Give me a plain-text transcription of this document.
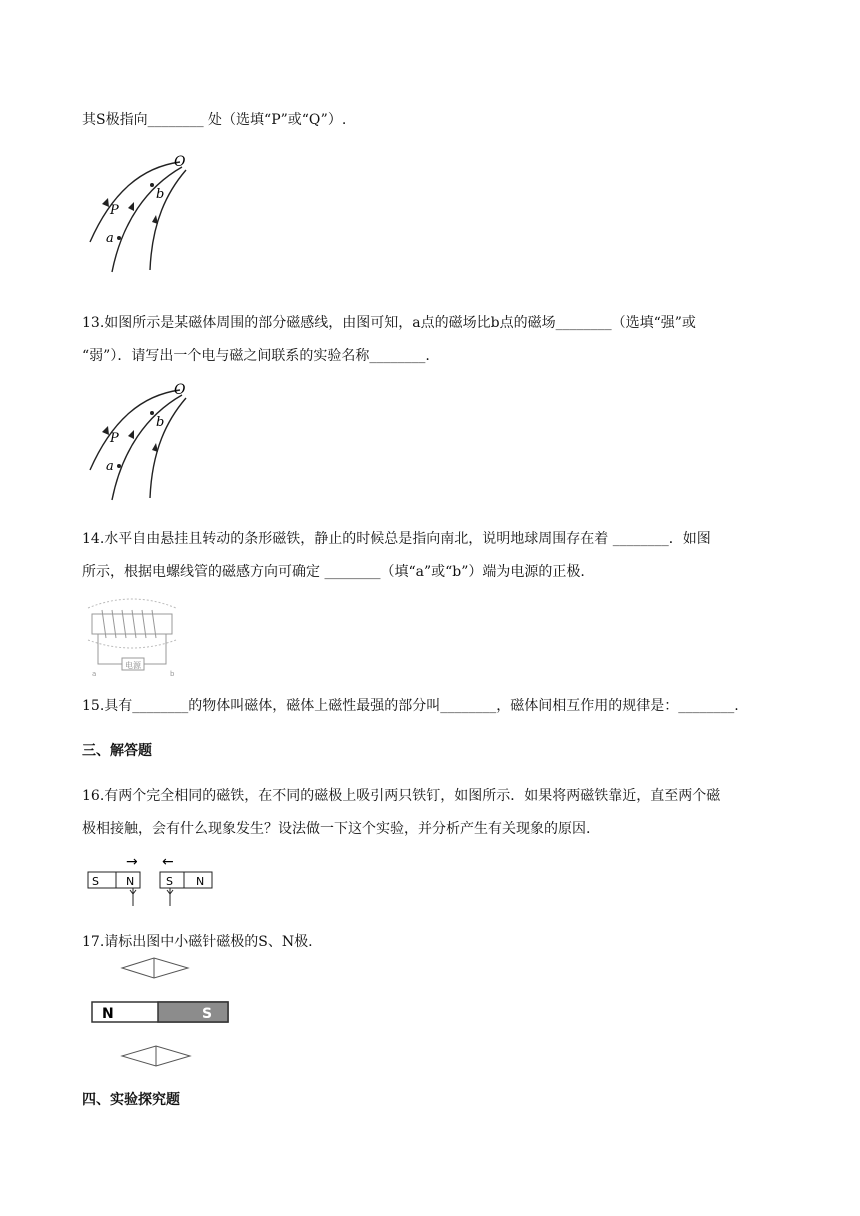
其S极指向________ 处（选填“P”或“Q”）.
O
b
P
a
13.如图所示是某磁体周围的部分磁感线，由图可知，a点的磁场比b点的磁场________（选填“强”或
“弱”）．请写出一个电与磁之间联系的实验名称________.
O
b
P
a
14.水平自由悬挂且转动的条形磁铁，静止的时候总是指向南北，说明地球周围存在着 ________．如图
所示，根据电螺线管的磁感方向可确定 ________（填“a”或“b”）端为电源的正极.
电源
a	b
15.具有________的物体叫磁体，磁体上磁性最强的部分叫________，磁体间相互作用的规律是：________.
三、解答题
16.有两个完全相同的磁铁，在不同的磁极上吸引两只铁钉，如图所示．如果将两磁铁靠近，直至两个磁
极相接触，会有什么现象发生？设法做一下这个实验，并分析产生有关现象的原因.
→ ←
S N	S N
17.请标出图中小磁针磁极的S、N极.
N	S
四、实验探究题
